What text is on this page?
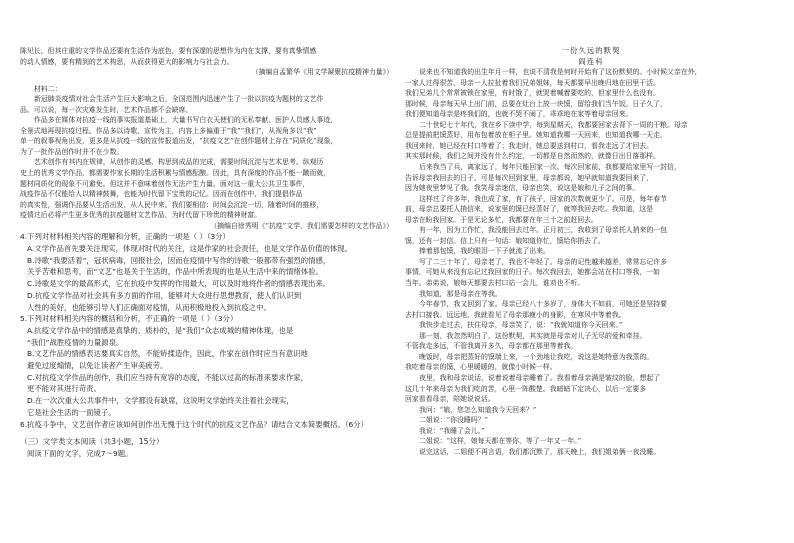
陈见长，但其庄重的文学作品还要有生活作为底色，要有深邃的思想作为内在支撑，要有真挚情感
的动人情感，要有精到的艺术构思，从而获得更大的影响力与社会力。
（摘编自孟繁华《用文学凝聚抗疫精神力量》）
材料二：
新冠肺炎疫情对社会生活产生巨大影响之后，全国范围内迅速产生了一批以抗疫为题材的文艺作
品。可以说，每一次灾难发生时，艺术作品都不会缺席。
作品多在媒体对抗疫一线的事实报道基础上，大量书写白衣天使们的无私奉献、医护人员感人事迹，
全景式地再现抗疫过程。作品多以诗歌、宣传为主，内容上多偏重于“我”“我们”，从视角多以“我”
单一的叙事视角出发，更多是从抗疫一线的宣传报道出发，“抗疫文艺”在创作题材上存在“同质化”现象，
为了一批作品创作时并不在少数。
艺术创作有其内在规律，从创作的灵感、构思到成品的完成，需要时间沉淀与艺术思考。纵观历
史上的优秀文学作品，都需要作家长期的生活积累与情感酝酿。因此，具有深度的作品不能一蹴而就，
题材同质化的现象不可避免。但这并不意味着创作无法产生力量。面对这一重大公共卫生事件，
战疫作品不仅能给人以精神鼓舞，也能为时代留下宝贵的记忆。因而在创作中，我们提倡作品
的真实性，强调作品要从生活出发、从人民中来。我们要相信：时间会沉淀一切，随着时间的推移，
疫情过后必将产生更多优秀的抗疫题材文艺作品，为时代留下珍贵的精神财富。
（摘编自徐秀明《“抗疫”文学，我们需要怎样的文艺作品》）
4.下列对材料相关内容的理解和分析，正确的一项是（ ）（3分）
A.文学作品首先要关注现实，体现对时代的关注，这是作家的社会责任，也是文学作品价值的体现。
B.诗歌“我要活着”，冠状病毒，回报社会，因而在疫情中写作的诗歌一般都带有强烈的情感，
关乎苦难和思考，而“文艺”也是关于生活的，作品中所表现的也是从生活中来的情绪体验。
C.诗歌是文学的最高形式，它在抗疫中发挥的作用最大，可以及时地将作者的情感表现出来。
D.抗疫文学作品对社会具有多方面的作用，能够对大众进行思想教育，使人们认识到
人性的美好，也能够引导人们正确面对疫情，从而积极地投入到抗疫之中。
5.下列对材料相关内容的概括和分析，不正确的一项是（ ）（3分）
A.抗疫文学作品中的情感是真挚的、质朴的，是“我们”众志成城的精神体现，也是
“我们”战胜疫情的力量源泉。
B.文艺作品的情感表达要真实自然，不能矫揉造作，因此，作家在创作时应当有意识地
避免过度煽情，以免让读者产生审美疲劳。
C.对抗疫文学作品的创作，我们应当持有宽容的态度，不能以过高的标准来要求作家，
更不能对其进行苛责。
D.在一次次重大公共事件中，文学都没有缺席，这说明文学始终关注着社会现实，
它是社会生活的一面镜子。
6.抗疫斗争中，文艺创作者应该如何创作出无愧于这个时代的抗疫文艺作品？请结合文本简要概括。（6分）
（三）文学类文本阅读（共3小题，15分）
阅读下面的文字，完成7～9题。
一份久远的默契
阎连科
说来也不知道我的出生年月一样，也说不清我是何时开始有了这份默契的。小时候父亲在外，
一家人过得很苦，母亲一人拉扯着我们兄弟姐妹，每天都要早出晚归地在田里干活。
我们兄弟几个常常被锁在家里，有时饿了，就哭着喊着要吃的，但家里什么也没有。
那时候，母亲每天早上出门前，总要在灶台上放一块馍，留给我们当午饭。日子久了，
我们便知道母亲是疼我们的，也就不哭不闹了，乖乖地在家等着母亲回来。
二十世纪七十年代，我在乡下读中学，每到星期天，我都要回家去背下一周的干粮。母亲
总是提前把馍蒸好，用布包着放在柜子里。她知道我哪一天回来，也知道我哪一天走。
我回来时，她已经在村口等着了；我走时，她总要送到村口，看我走远了才回去。
其实那时候，我们之间并没有什么约定，一切都是自然而然的，就像日出日落那样。
后来我当了兵，离家远了，每年只能回家一次。每次回家前，我都要给家里写一封信，
告诉母亲我回去的日子。可是每次回到家里，母亲都说，她早就知道我要回来了，
因为她夜里梦见了我。我笑母亲迷信，母亲也笑，说这是娘和儿子之间的事。
这样过了许多年，我也成了家，有了孩子，回家的次数就更少了。可是，每年春节
前，母亲总要托人捎信来，说家里的馍已经蒸好了，就等我回去吃。我知道，这是
母亲在盼我回家。于是无论多忙，我都要在年三十之前赶回去。
有一年，因为工作忙，我没能回去过年。正月初三，我收到了母亲托人捎来的一包
馍，还有一封信。信上只有一句话：娘知道你忙，馍给你捎去了。
捧着那包馍，我的眼泪一下子就流了出来。
写了二三十年了，母亲老了，我也不年轻了。母亲的记性越来越差，常常忘记许多
事情，可她从来没有忘记过我回家的日子。每次我回去，她都会站在村口等我，一如
当年。弟弟说，娘每天都要去村口站一会儿，谁劝也不听。
我知道，那是母亲在等我。
今年春节，我又回到了家。母亲已经八十多岁了，身体大不如前，可她还是坚持要
去村口接我。远远地，我就看见了母亲那瘦小的身影，在寒风中等着我。
我快步走过去，扶住母亲，母亲笑了，说：“我就知道你今天回来。”
那一刻，我忽然明白了，这份默契，其实就是母亲对儿子无尽的爱和牵挂。
不管我走多远，不管我离开多久，母亲都在那里等着我。
晚饭时，母亲把蒸好的馍端上来，一个劲地让我吃，说这是她特意为我蒸的。
我吃着母亲的馍，心里暖暖的，就像小时候一样。
夜里，我和母亲说话，说着说着母亲睡着了。我看着母亲满是皱纹的脸，想起了
这几十年来母亲为我们吃的苦，心里一阵酸楚。我暗暗下定决心，以后一定要多
回家看看母亲，陪她说说话。
我问：“娘，您怎么知道我今天回来？”
二姐说：“你没睡吗？”
我说：“我睡了会儿。”
二姐说：“这样，娘每天都在等你，等了一年又一年。”
说完这话，二姐便不再言语，我们都沉默了，那天晚上，我们姐弟俩一夜没睡。
